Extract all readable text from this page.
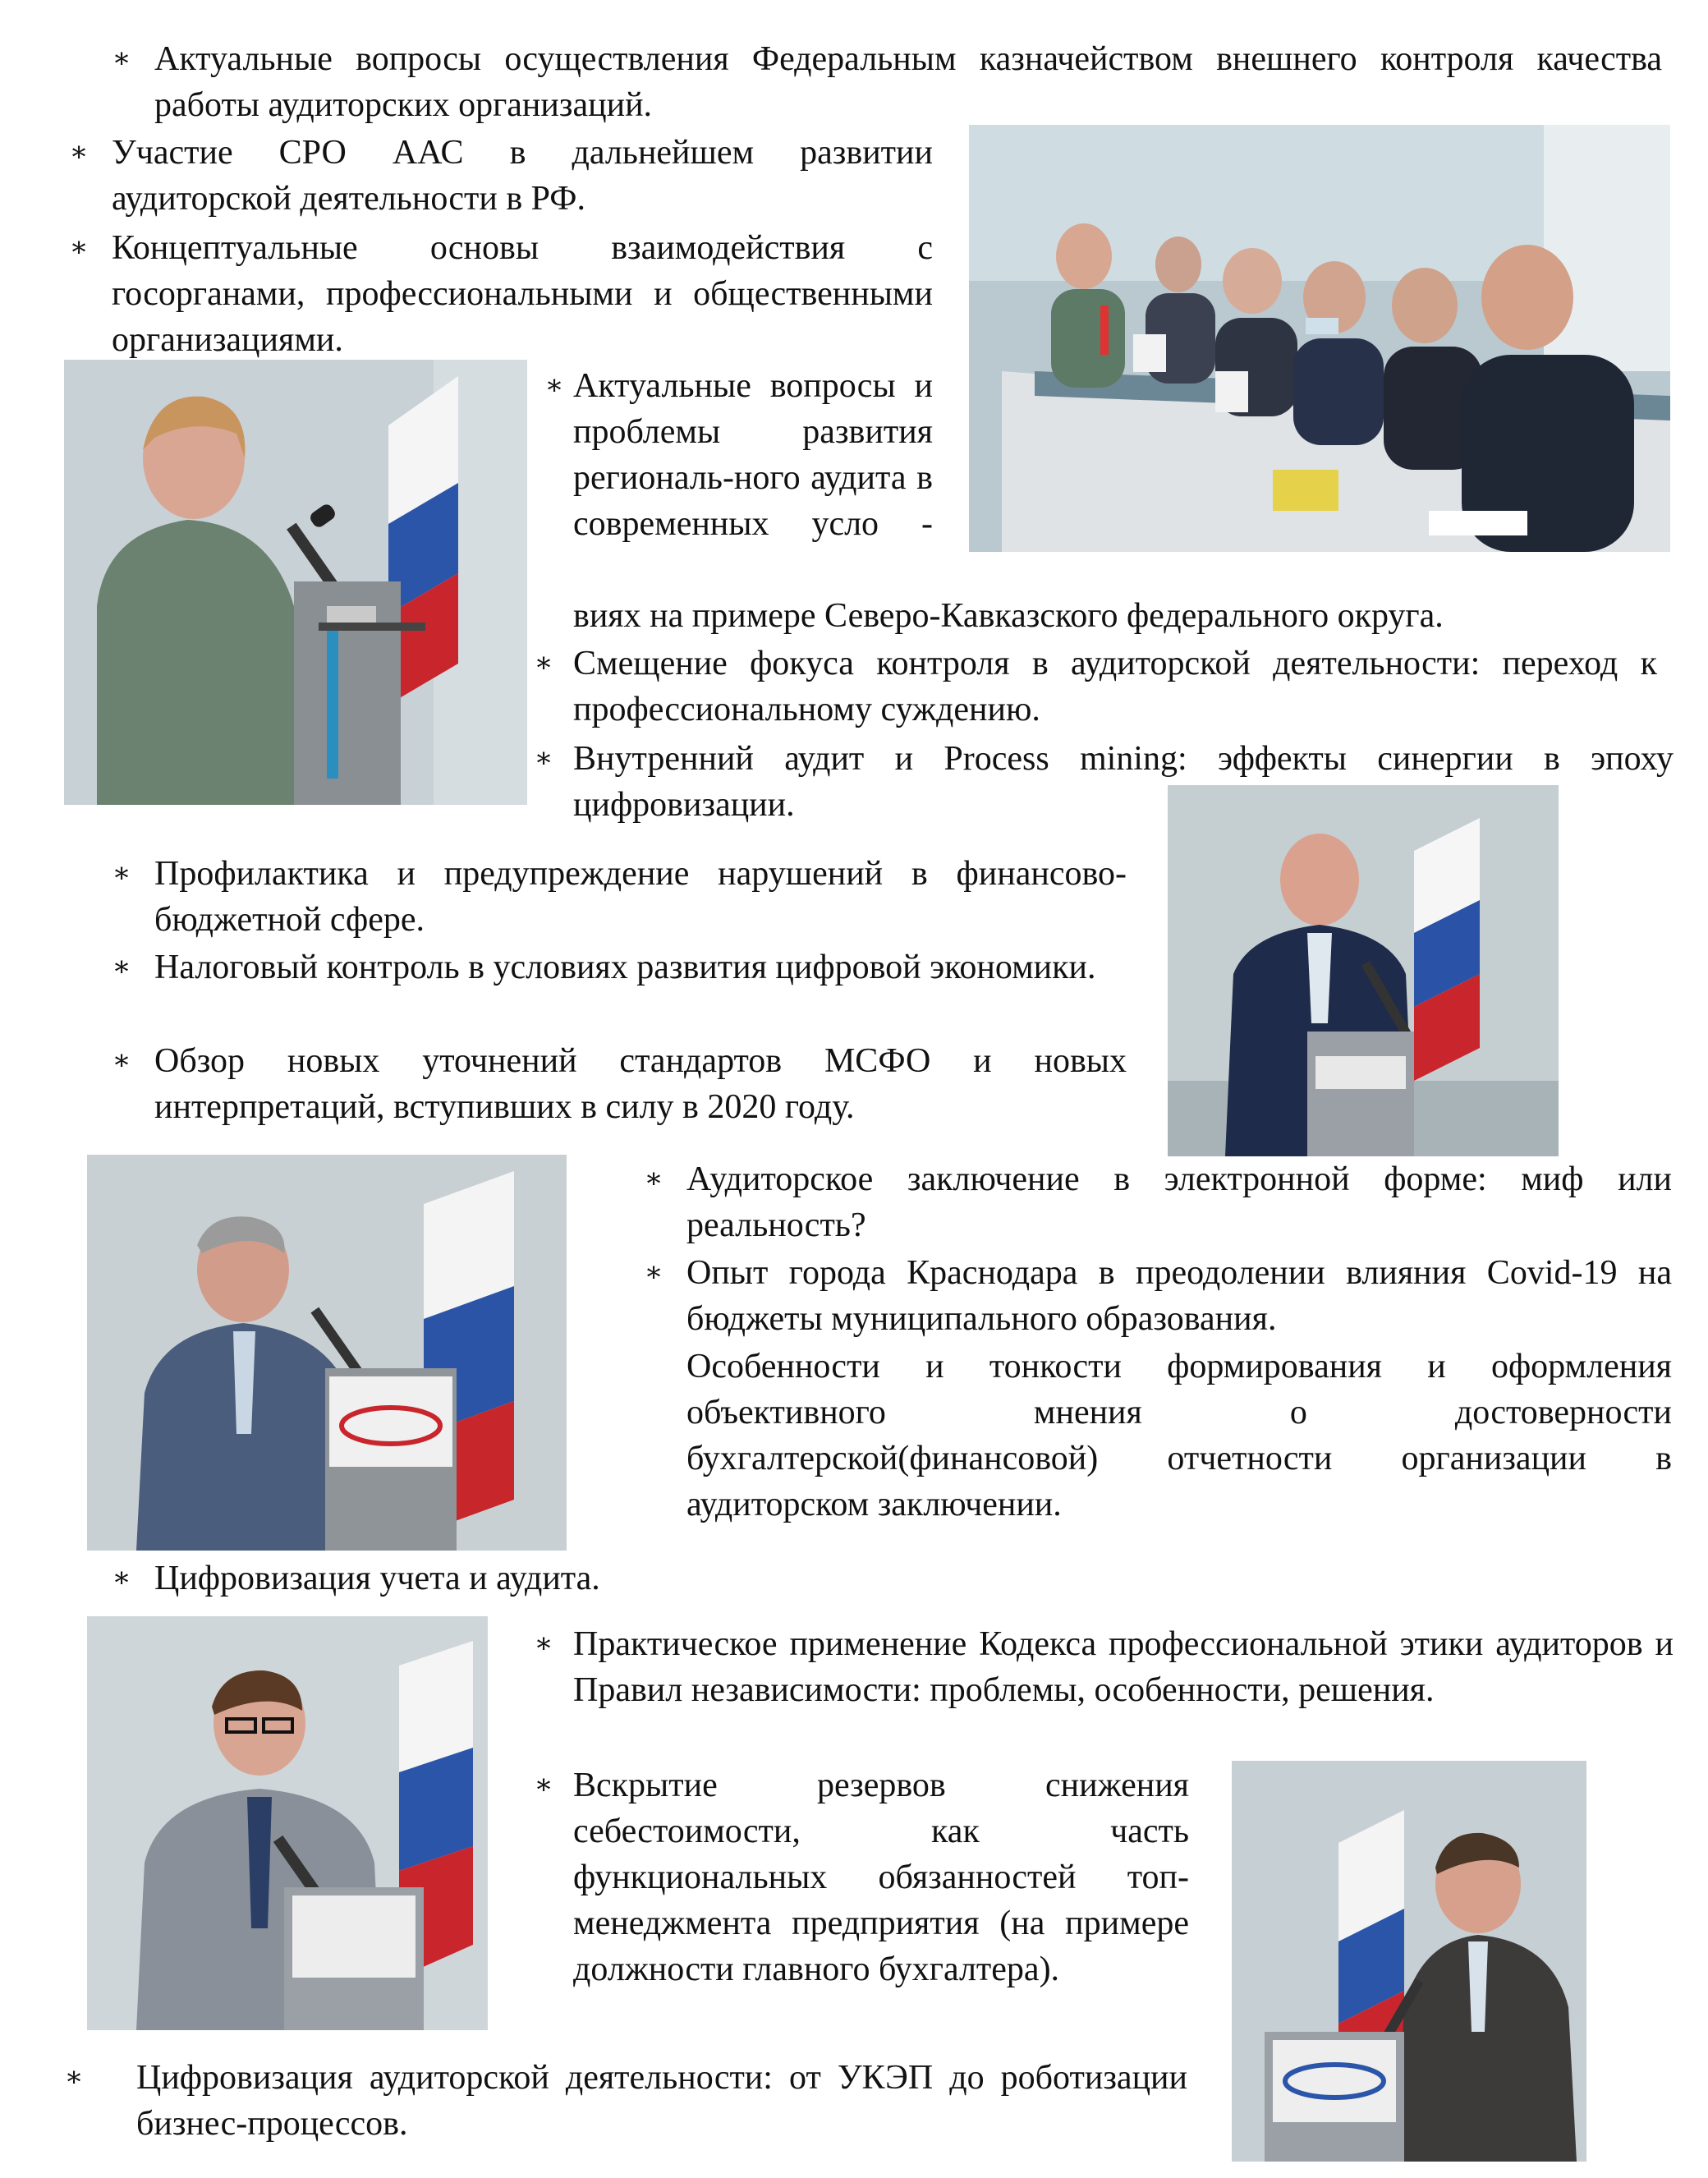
∗ Актуальные вопросы осуществления Федеральным казначейством внешнего контроля качества работы аудиторских организаций.
∗ Участие СРО ААС в дальнейшем развитии аудиторской деятельности в РФ.
∗ Концептуальные основы взаимодействия с госорганами, профессиональными и общественными организациями.
∗ Актуальные вопросы и проблемы развития региональ-ного аудита в современных усло -
виях на примере Северо-Кавказского федерального округа.
∗ Смещение фокуса контроля в аудиторской деятельности: переход к профессиональному суждению.
∗ Внутренний аудит и Process mining: эффекты синергии в эпоху цифровизации.
∗ Профилактика и предупреждение нарушений в финансово-бюджетной сфере.
∗ Налоговый контроль в условиях развития цифровой экономики.
∗ Обзор новых уточнений стандартов МСФО и новых интерпретаций, вступивших в силу в 2020 году.
∗ Аудиторское заключение в электронной форме: миф или реальность?
∗ Опыт города Краснодара в преодолении влияния Covid-19 на бюджеты муниципального образования.
Особенности и тонкости формирования и оформления объективного мнения о достоверности бухгалтерской(финансовой) отчетности организации в аудиторском заключении.
∗ Цифровизация учета и аудита.
∗ Практическое применение Кодекса профессиональной этики аудиторов и Правил независимости: проблемы, особенности, решения.
∗ Вскрытие резервов снижения себестоимости, как часть функциональных обязанностей топ-менеджмента предприятия (на примере должности главного бухгалтера).
∗ Цифровизация аудиторской деятельности: от УКЭП до роботизации бизнес-процессов.
